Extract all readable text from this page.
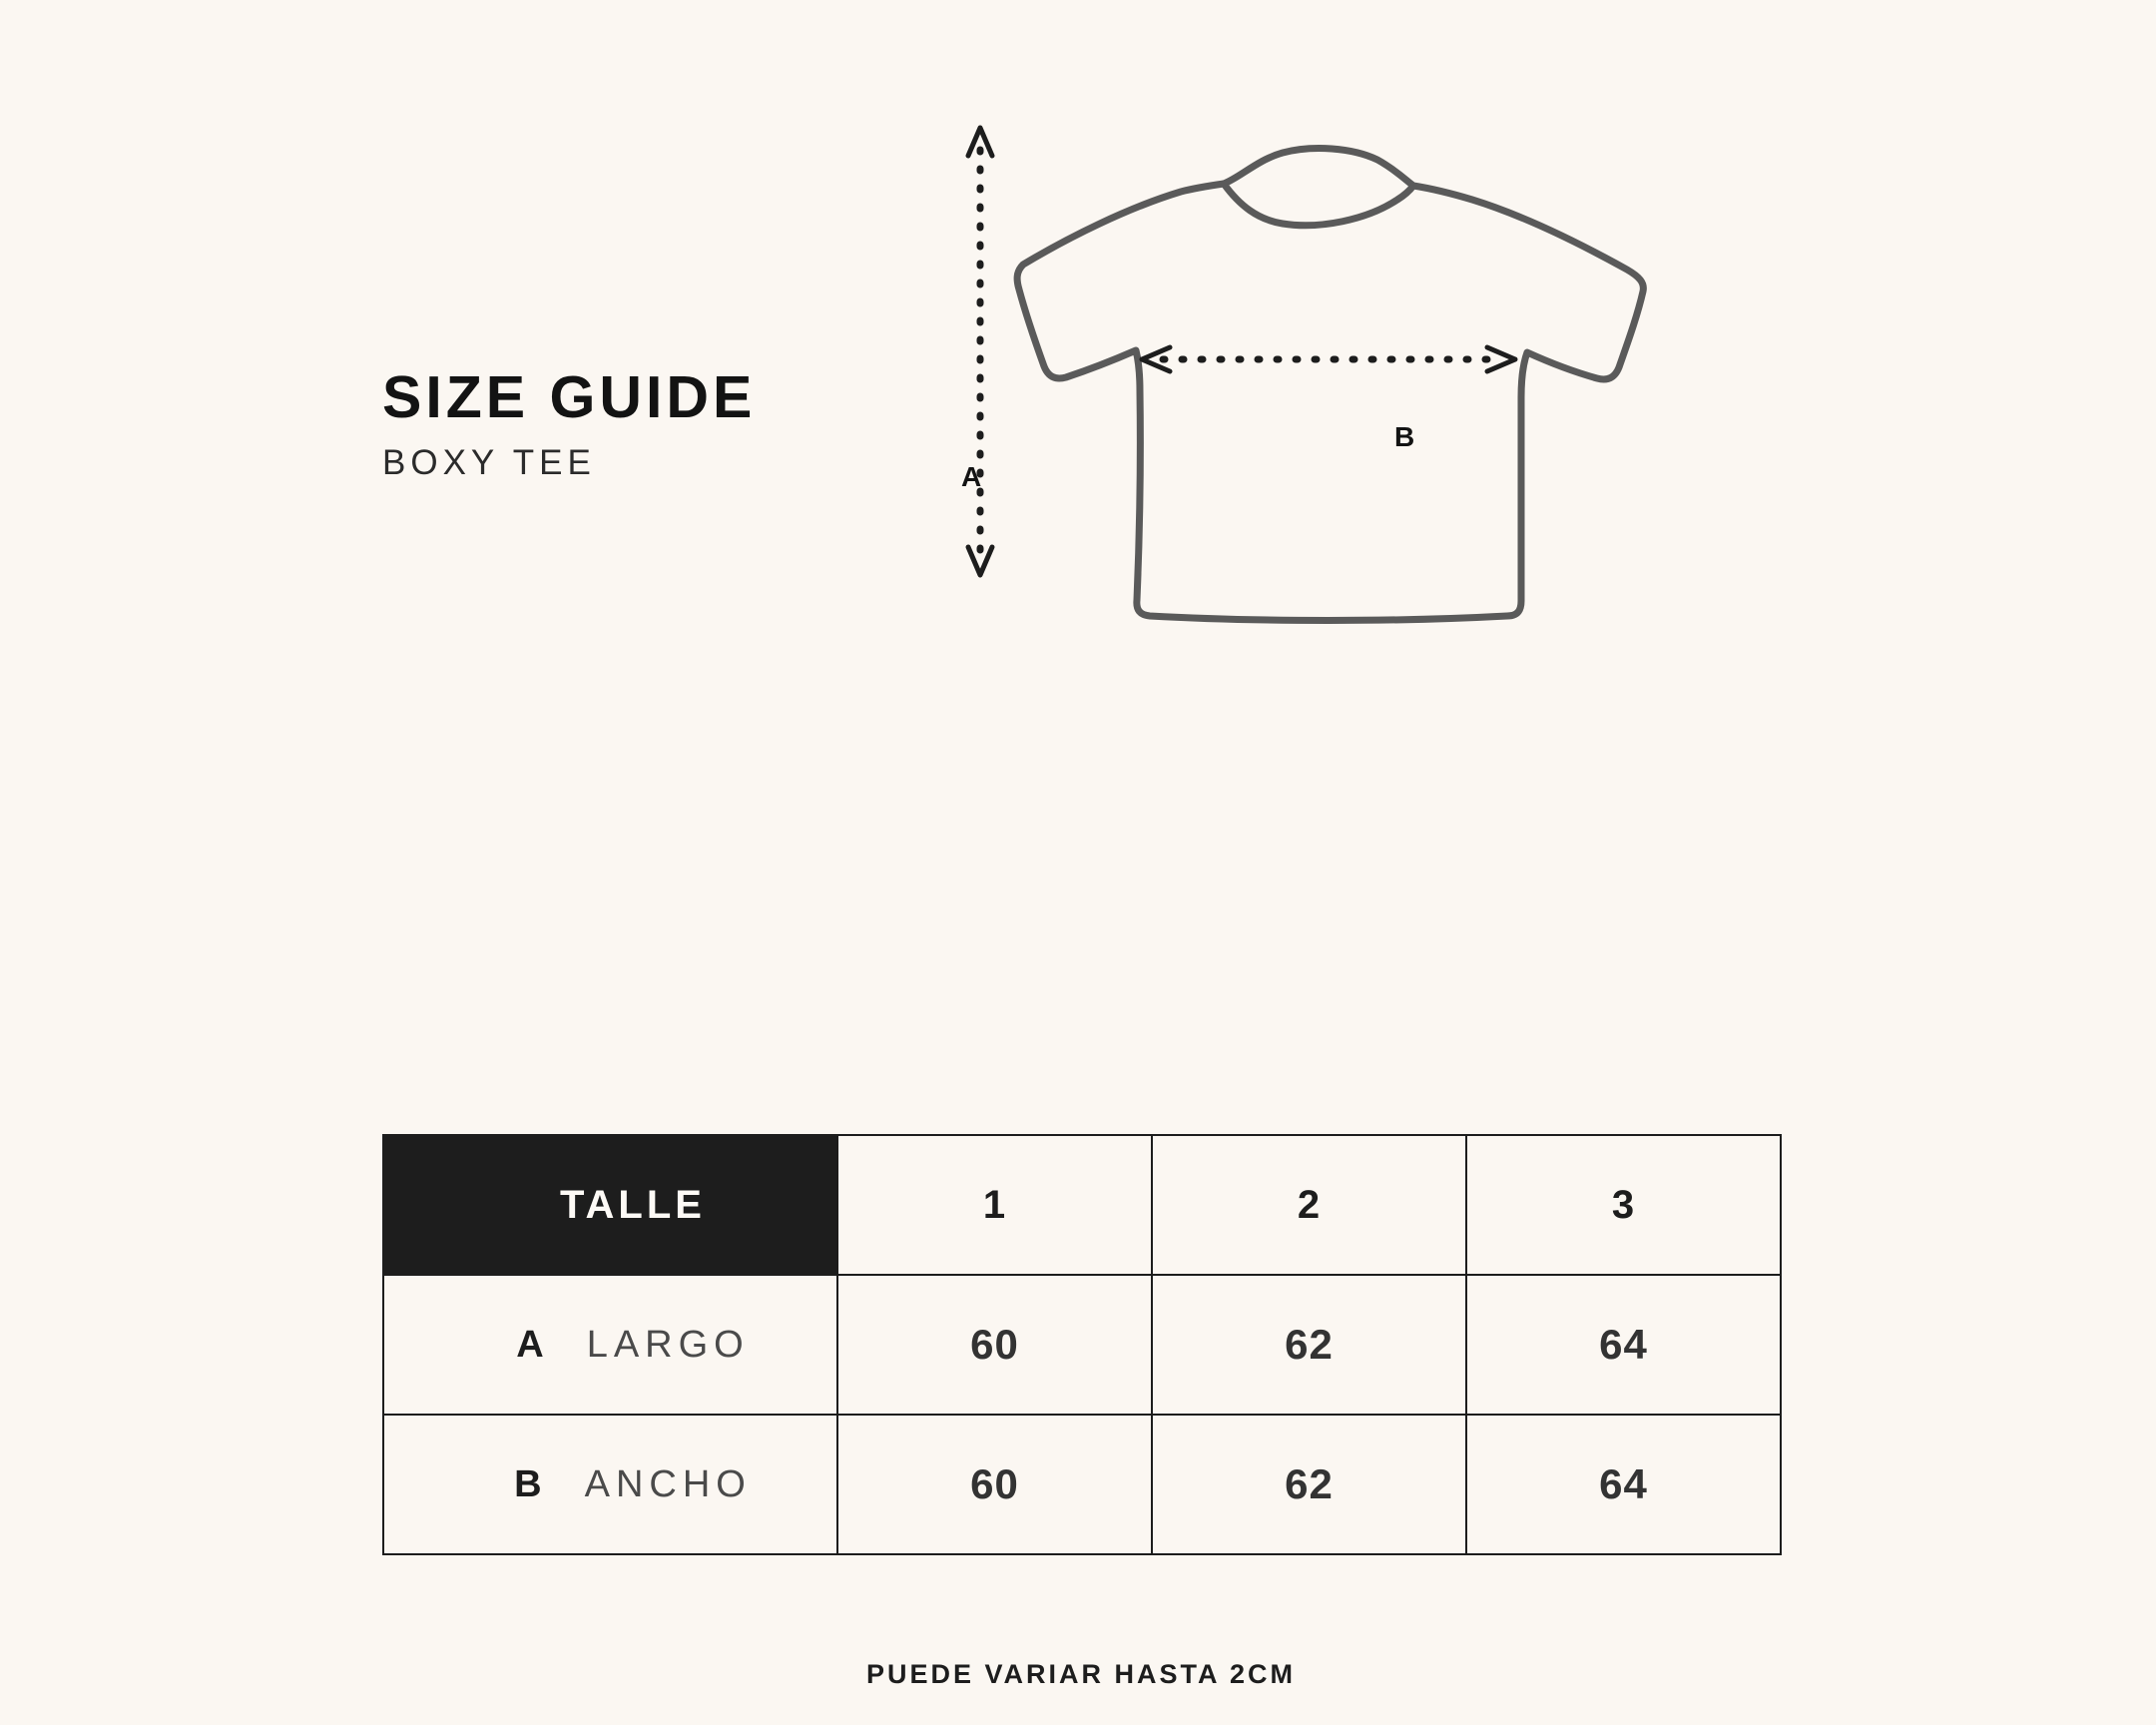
SIZE GUIDE

BOXY TEE	A
B
TALLE	1	2	3
A LARGO	60	62	64
B ANCHO	60	62	64
PUEDE VARIAR HASTA 2CM
